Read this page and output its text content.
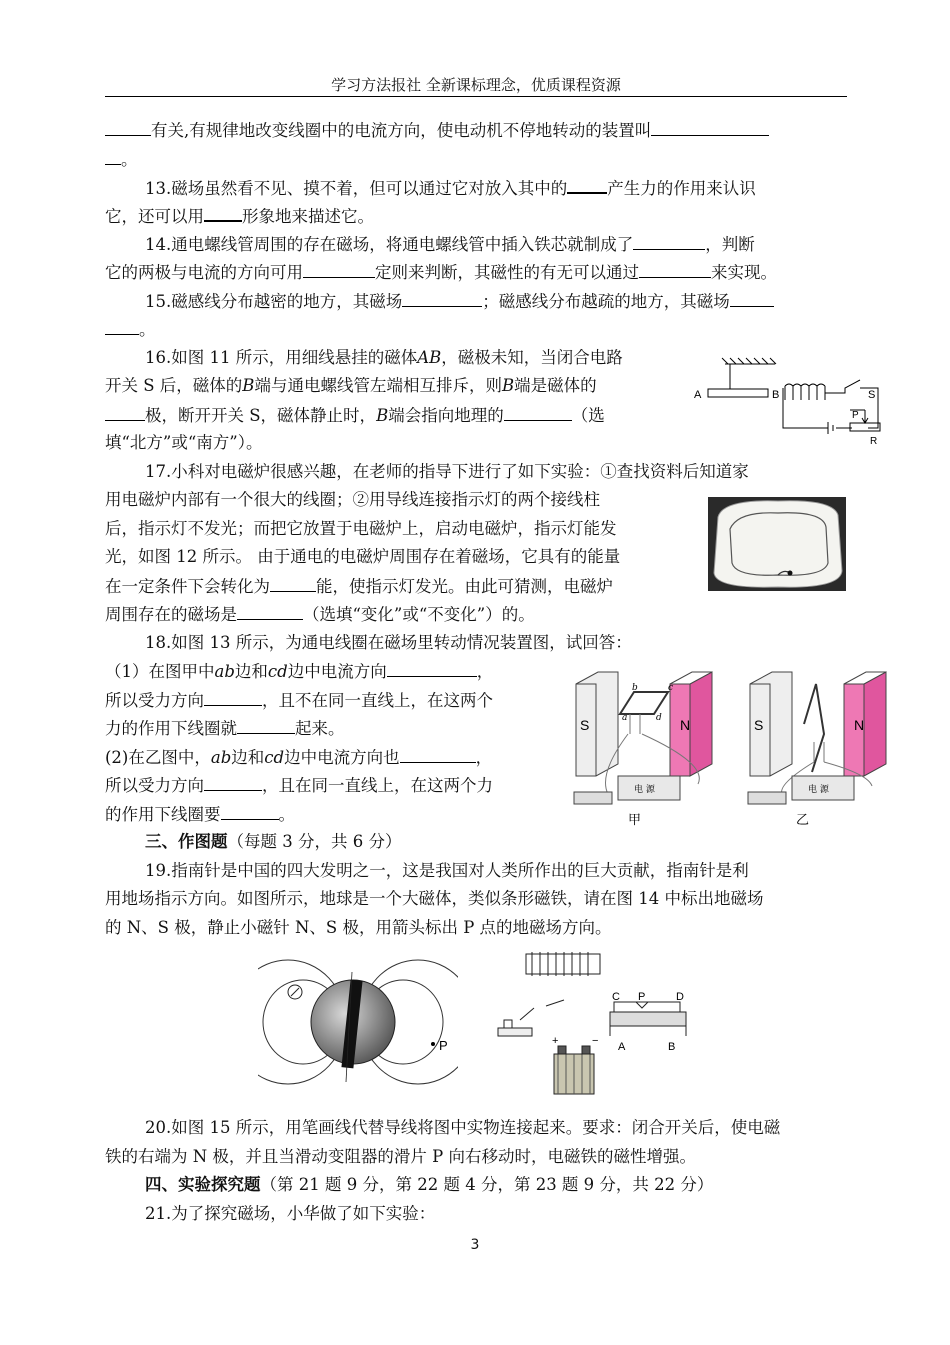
学习方法报社 全新课标理念，优质课程资源
有关,有规律地改变线圈中的电流方向，使电动机不停地转动的装置叫
。
13.磁场虽然看不见、摸不着，但可以通过它对放入其中的 产生力的作用来认识
它，还可以用 形象地来描述它。
14.通电螺线管周围的存在磁场，将通电螺线管中插入铁芯就制成了	，判断
它的两极与电流的方向可用	定则来判断，其磁性的有无可以通过	来实现。
15.磁感线分布越密的地方，其磁场	；磁感线分布越疏的地方，其磁场
。
16.如图 11 所示，用细线悬挂的磁体AB，磁极未知，当闭合电路
开关 S 后，磁体的B端与通电螺线管左端相互排斥，则B端是磁体的
极，断开开关 S，磁体静止时，B端会指向地理的	（选
填“北方”或“南方”）。
17.小科对电磁炉很感兴趣，在老师的指导下进行了如下实验：①查找资料后知道家
用电磁炉内部有一个很大的线圈；②用导线连接指示灯的两个接线柱
后，指示灯不发光；而把它放置于电磁炉上，启动电磁炉，指示灯能发
光，如图 12 所示。 由于通电的电磁炉周围存在着磁场，它具有的能量
在一定条件下会转化为	能，使指示灯发光。由此可猜测，电磁炉
周围存在的磁场是	（选填“变化”或“不变化”）的。
18.如图 13 所示，为通电线圈在磁场里转动情况装置图，试回答：
（1）在图甲中ab边和cd边中电流方向	，
所以受力方向	，且不在同一直线上，在这两个
力的作用下线圈就	起来。
(2)在乙图中，ab边和cd边中电流方向也	，
所以受力方向	，且在同一直线上，在这两个力
的作用下线圈要	。
三、作图题（每题 3 分，共 6 分）
19.指南针是中国的四大发明之一，这是我国对人类所作出的巨大贡献，指南针是利
用地场指示方向。如图所示，地球是一个大磁体，类似条形磁铁，请在图 14 中标出地磁场
的 N、S 极，静止小磁针 N、S 极，用箭头标出 P 点的地磁场方向。
20.如图 15 所示，用笔画线代替导线将图中实物连接起来。要求：闭合开关后，使电磁
铁的右端为 N 极，并且当滑动变阻器的滑片 P 向右移动时，电磁铁的磁性增强。
四、实验探究题（第 21 题 9 分，第 22 题 4 分，第 23 题 9 分，共 22 分）
21.为了探究磁场，小华做了如下实验：
A	B	S
P
R
S	N	S	N
a
b	c
d
电 源	电 源
甲	乙
P
C P	D
A	B
+	−
3
